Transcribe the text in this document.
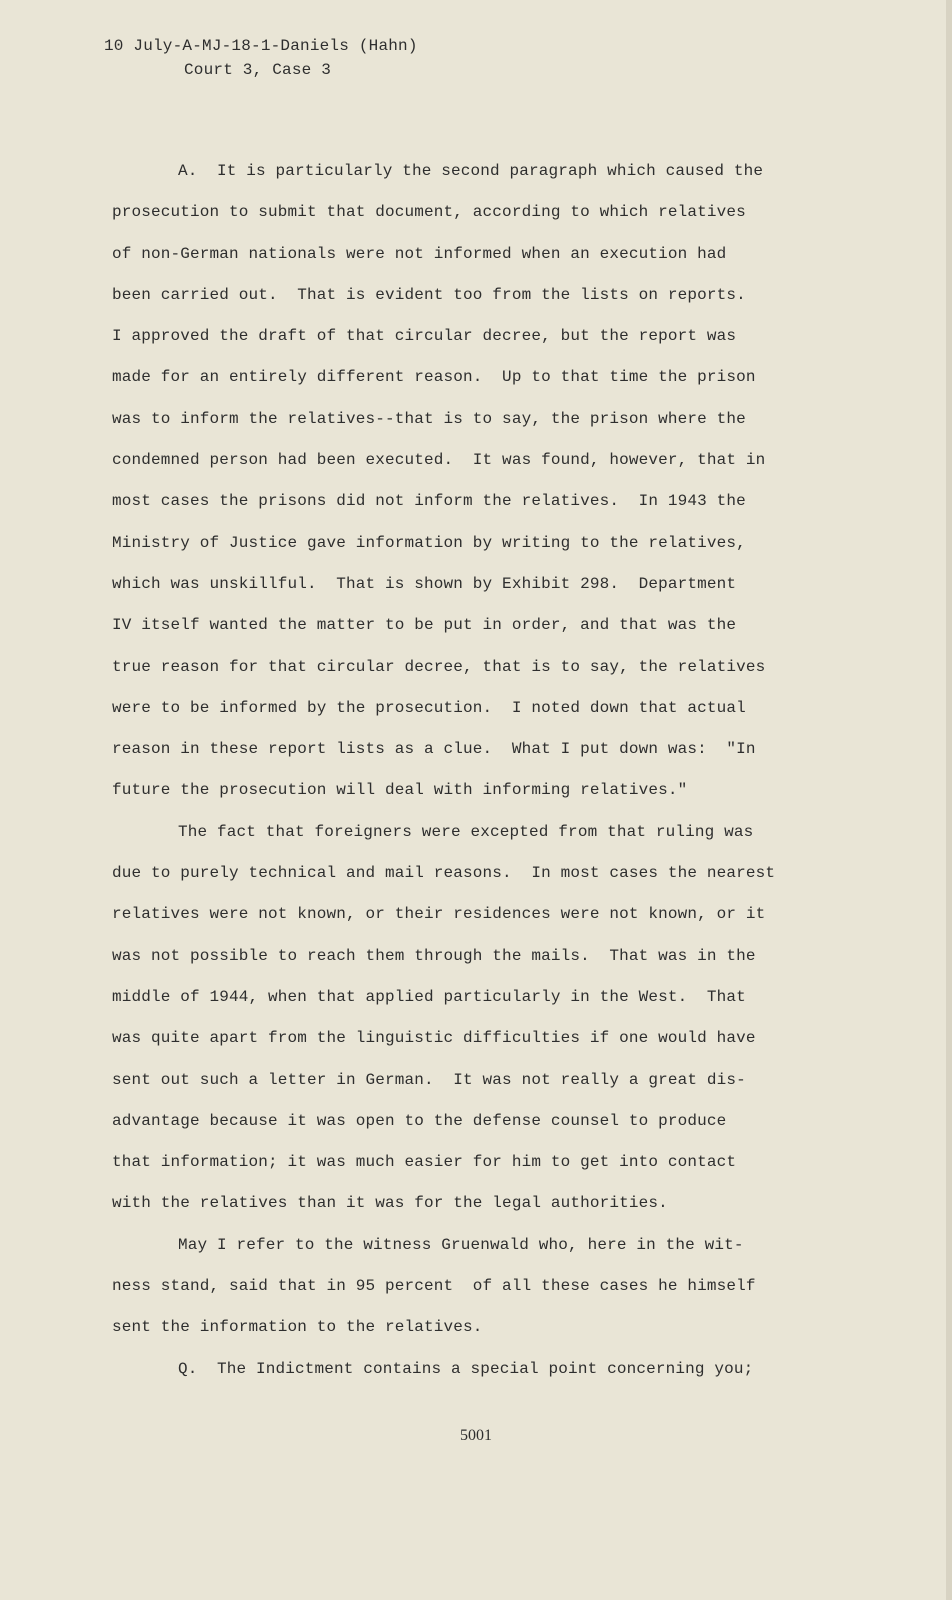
10 July-A-MJ-18-1-Daniels (Hahn)
Court 3, Case 3
A.  It is particularly the second paragraph which caused the
prosecution to submit that document, according to which relatives
of non-German nationals were not informed when an execution had
been carried out.  That is evident too from the lists on reports.
I approved the draft of that circular decree, but the report was
made for an entirely different reason.  Up to that time the prison
was to inform the relatives--that is to say, the prison where the
condemned person had been executed.  It was found, however, that in
most cases the prisons did not inform the relatives.  In 1943 the
Ministry of Justice gave information by writing to the relatives,
which was unskillful.  That is shown by Exhibit 298.  Department
IV itself wanted the matter to be put in order, and that was the
true reason for that circular decree, that is to say, the relatives
were to be informed by the prosecution.  I noted down that actual
reason in these report lists as a clue.  What I put down was:  "In
future the prosecution will deal with informing relatives."
The fact that foreigners were excepted from that ruling was
due to purely technical and mail reasons.  In most cases the nearest
relatives were not known, or their residences were not known, or it
was not possible to reach them through the mails.  That was in the
middle of 1944, when that applied particularly in the West.  That
was quite apart from the linguistic difficulties if one would have
sent out such a letter in German.  It was not really a great dis-
advantage because it was open to the defense counsel to produce
that information; it was much easier for him to get into contact
with the relatives than it was for the legal authorities.
May I refer to the witness Gruenwald who, here in the wit-
ness stand, said that in 95 percent  of all these cases he himself
sent the information to the relatives.
Q.  The Indictment contains a special point concerning you;
5001
